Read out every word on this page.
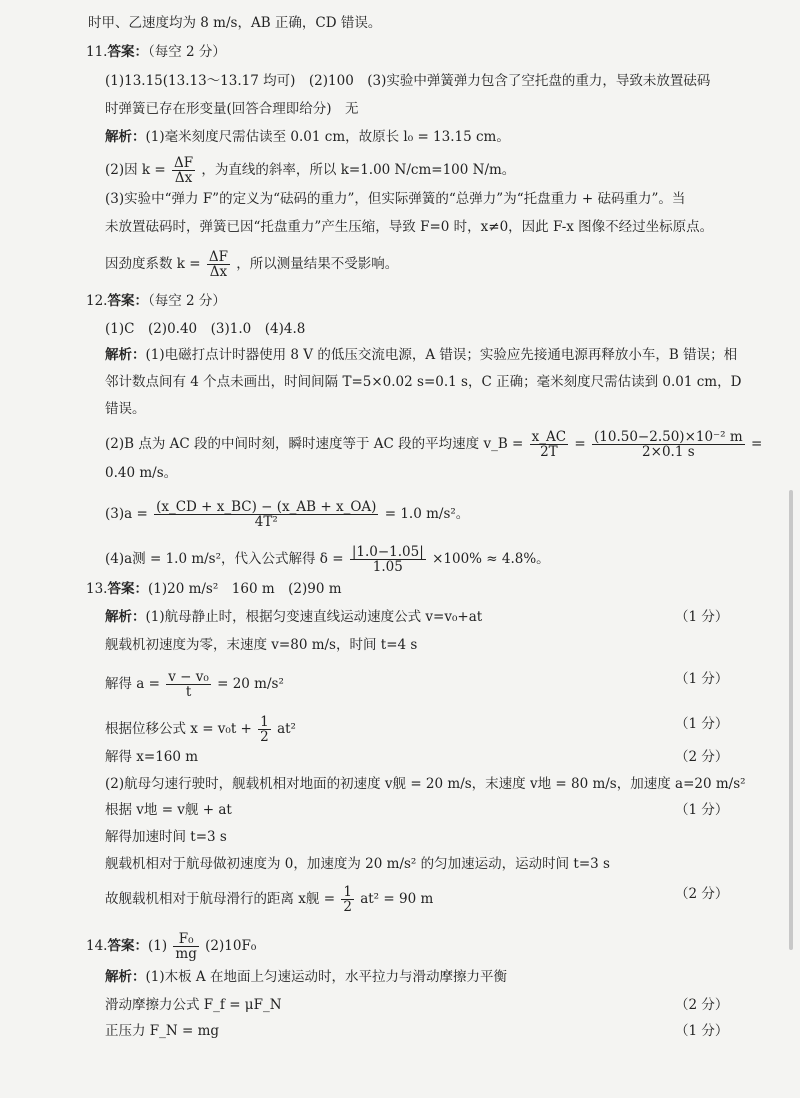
时甲、乙速度均为 8 m/s，AB 正确，CD 错误。
11.答案：（每空 2 分）
(1)13.15(13.13～13.17 均可)　(2)100　(3)实验中弹簧弹力包含了空托盘的重力，导致未放置砝码
时弹簧已存在形变量(回答合理即给分)　无
解析：(1)毫米刻度尺需估读至 0.01 cm，故原长 l₀ = 13.15 cm。
(2)因 $k = \frac{\Delta F}{\Delta x}$ ，为直线的斜率，所以 k=1.00 N/cm=100 N/m。
(3)实验中“弹力 F”的定义为“砝码的重力”，但实际弹簧的“总弹力”为“托盘重力 + 砝码重力”。当
未放置砝码时，弹簧已因“托盘重力”产生压缩，导致 F=0 时，x≠0，因此 F-x 图像不经过坐标原点。
因劲度系数 $k = \frac{\Delta F}{\Delta x}$ ，所以测量结果不受影响。
12.答案：（每空 2 分）
(1)C　(2)0.40　(3)1.0　(4)4.8
解析：(1)电磁打点计时器使用 8 V 的低压交流电源，A 错误；实验应先接通电源再释放小车，B 错误；相
邻计数点间有 4 个点未画出，时间间隔 T=5×0.02 s=0.1 s，C 正确；毫米刻度尺需估读到 0.01 cm，D
错误。
(2)B 点为 AC 段的中间时刻，瞬时速度等于 AC 段的平均速度 v_B = $\frac{x\_AC}{2T} = \frac{\text{(10.50−2.50)×10⁻² m}}{2\times 0.1 s}$ =
0.40 m/s。
$(3)a = \frac{(x\_CD + x\_BC) - (x\_AB + x\_OA)}{\text{4T²}} = 1.0$ m/s²。
(4)a测 = 1.0 m/s²，代入公式解得 $\delta = \frac{|1.0-1.05|}{1.05} \times 100\% \approx 4.8\%$。
13.答案：(1)20 m/s²　160 m　(2)90 m
解析：(1)航母静止时，根据匀变速直线运动速度公式 v=v₀+at	（1 分）
舰载机初速度为零，末速度 v=80 m/s，时间 t=4 s
解得 $a = \frac{\text{v − v₀}}{t} = 20$ m/s²	（1 分）
根据位移公式 $x = v_0t + \frac{1}{2} at^2$	（1 分）
解得 x=160 m	（2 分）
(2)航母匀速行驶时，舰载机相对地面的初速度 v舰 = 20 m/s，末速度 v地 = 80 m/s，加速度 a=20 m/s²
根据 v地 = v舰 + at	（1 分）
解得加速时间 t=3 s
舰载机相对于航母做初速度为 0，加速度为 20 m/s² 的匀加速运动，运动时间 t=3 s
故舰载机相对于航母滑行的距离 x舰 = $\frac{1}{2} at^2 = 90$ m	（2 分）
14.答案：$(1) \frac{\text{F₀}}{mg} (2)10F_0$
解析：(1)木板 A 在地面上匀速运动时，水平拉力与滑动摩擦力平衡
滑动摩擦力公式 F_f = μF_N	（2 分）
正压力 F_N = mg	（1 分）
